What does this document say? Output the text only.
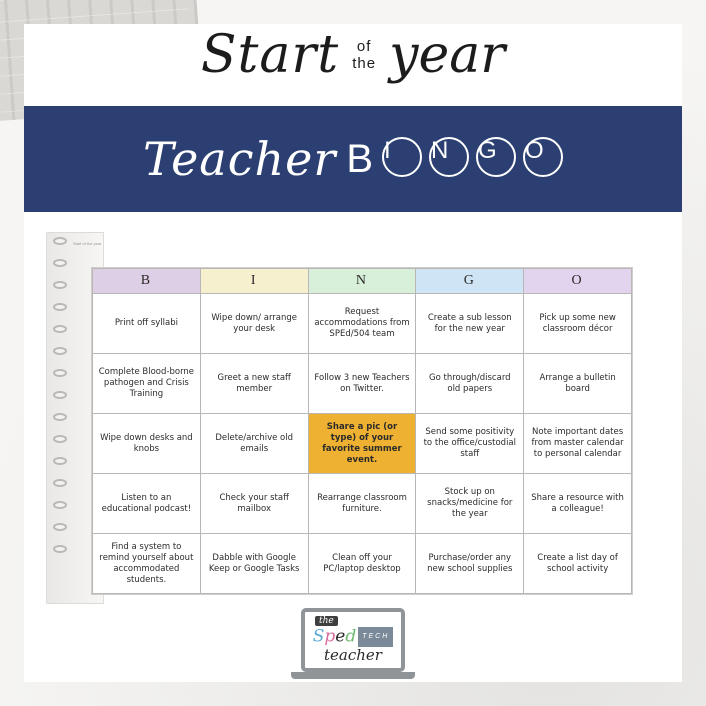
Start of
the year
Teacher B I	N	G	O
Start of the year
B	I	N	G	O
Print off syllabi	Wipe down/ arrange your desk	Request accommodations from SPEd/504 team	Create a sub lesson for the new year	Pick up some new classroom décor
Complete Blood-borne pathogen and Crisis Training	Greet a new staff member	Follow 3 new Teachers on Twitter.	Go through/discard old papers	Arrange a bulletin board
Wipe down desks and knobs	Delete/archive old emails	Share a pic (or type) of your favorite summer event.	Send some positivity to the office/custodial staff	Note important dates from master calendar to personal calendar
Listen to an educational podcast!	Check your staff mailbox	Rearrange classroom furniture.	Stock up on snacks/medicine for the year	Share a resource with a colleague!
Find a system to remind yourself about accommodated students.	Dabble with Google Keep or Google Tasks	Clean off your PC/laptop desktop	Purchase/order any new school supplies	Create a list day of school activity
the
Sped TECH
teacher
